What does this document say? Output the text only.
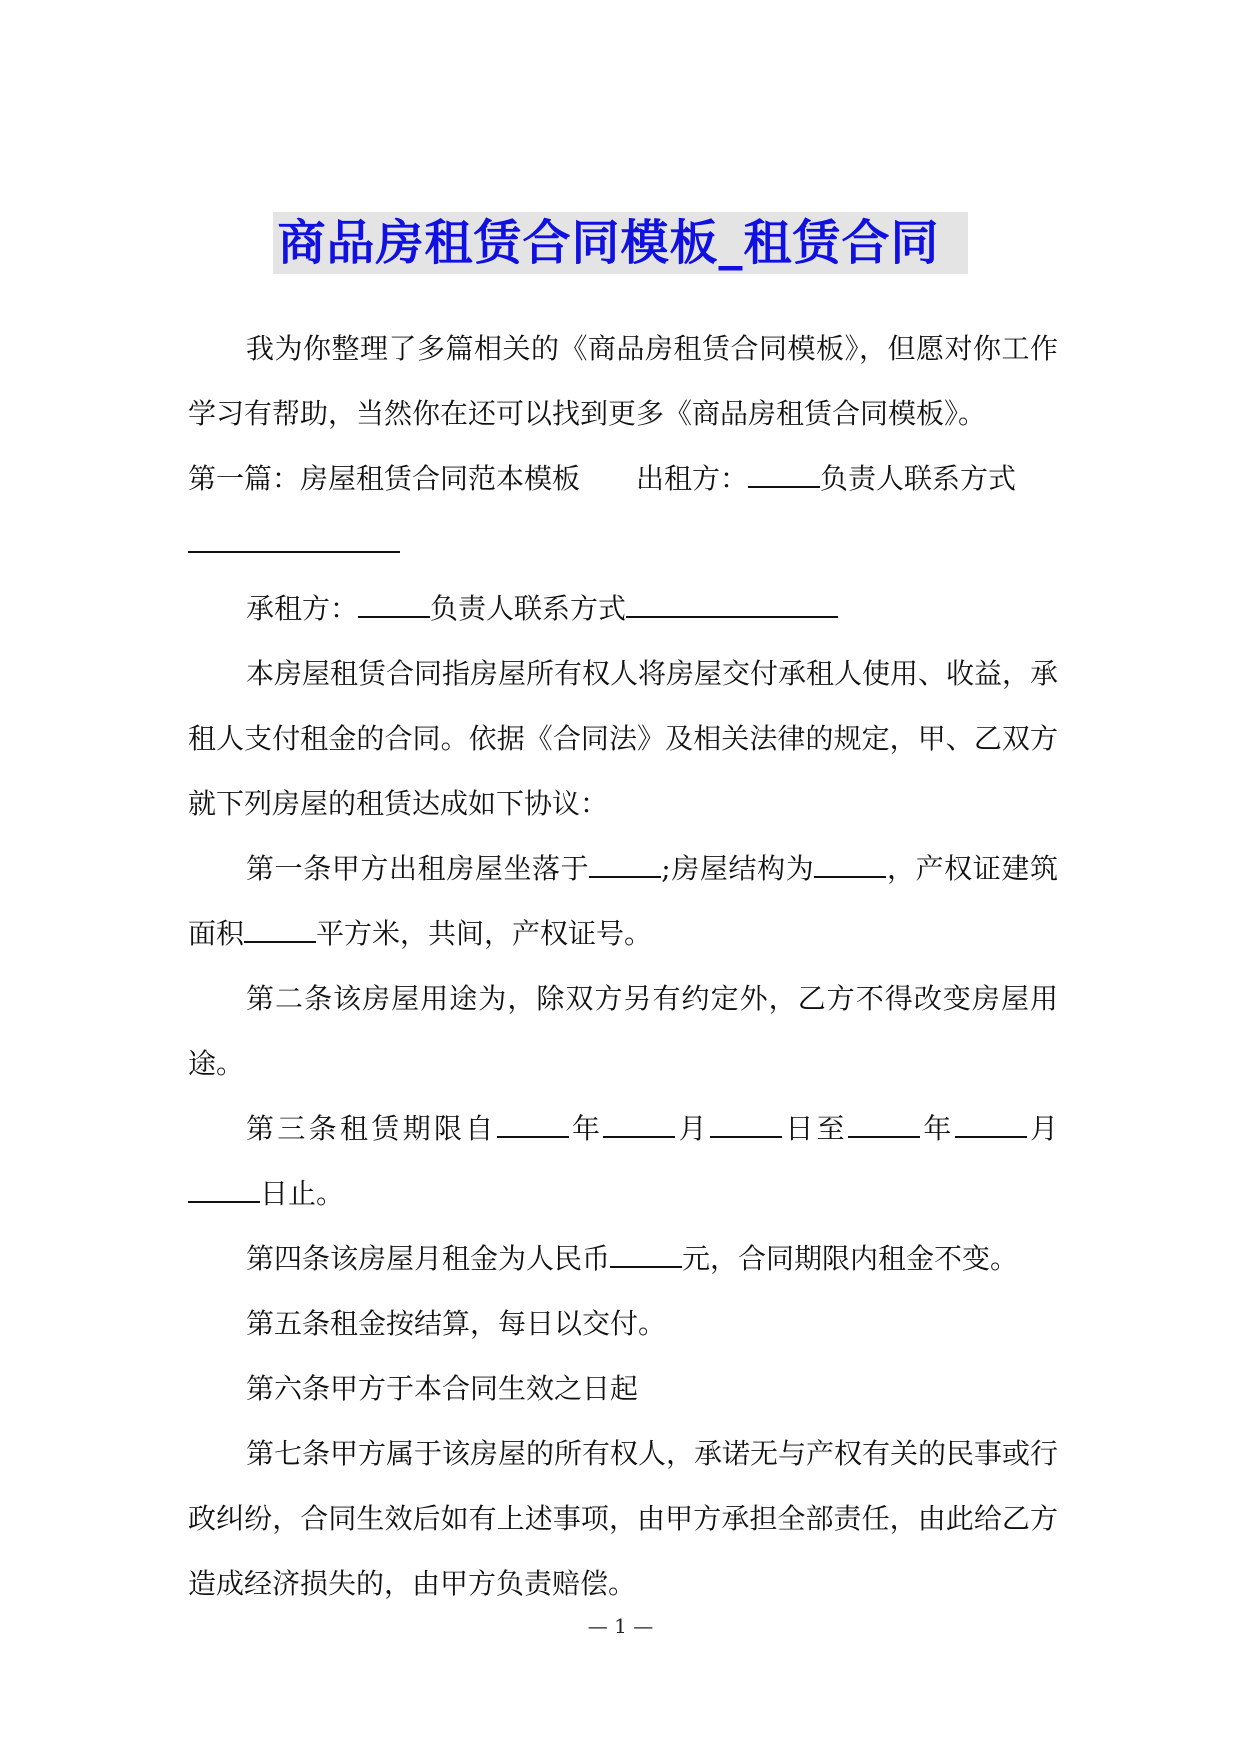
商品房租赁合同模板_租赁合同

我为你整理了多篇相关的《商品房租赁合同模板》，但愿对你工作学习有帮助，当然你在还可以找到更多《商品房租赁合同模板》。
第一篇：房屋租赁合同范本模板　　出租方：	负责人联系方式

承租方：	负责人联系方式

本房屋租赁合同指房屋所有权人将房屋交付承租人使用、收益，承租人支付租金的合同。依据《合同法》及相关法律的规定，甲、乙双方就下列房屋的租赁达成如下协议：

第一条甲方出租房屋坐落于	;房屋结构为	，产权证建筑面积	平方米，共间，产权证号。

第二条该房屋用途为，除双方另有约定外，乙方不得改变房屋用途。

第三条租赁期限自	年	月	日至	年	月日止。

第四条该房屋月租金为人民币	元，合同期限内租金不变。

第五条租金按结算，每日以交付。

第六条甲方于本合同生效之日起

第七条甲方属于该房屋的所有权人，承诺无与产权有关的民事或行政纠纷，合同生效后如有上述事项，由甲方承担全部责任，由此给乙方造成经济损失的，由甲方负责赔偿。

— 1 —
